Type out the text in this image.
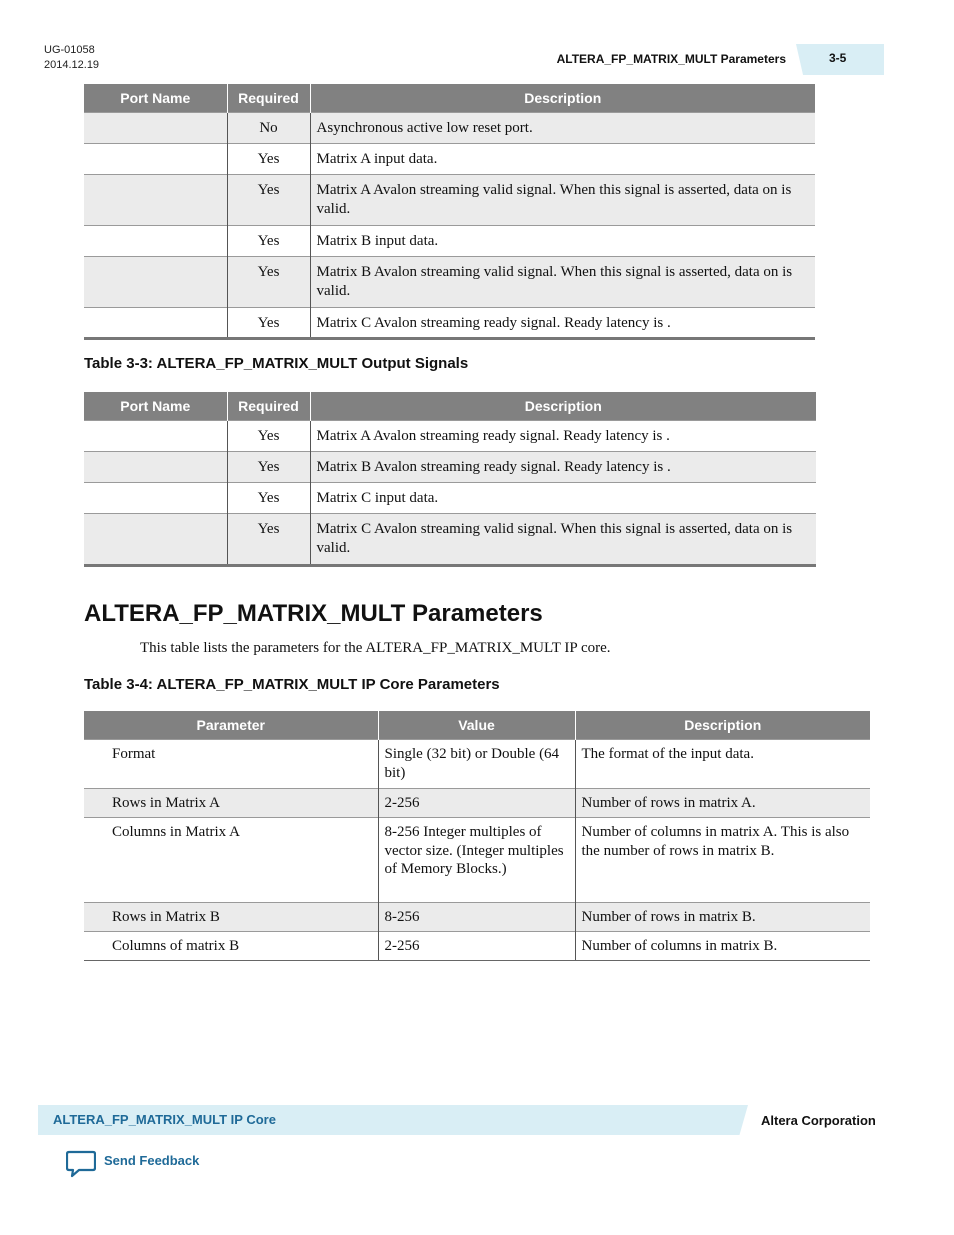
UG-01058
2014.12.19	ALTERA_FP_MATRIX_MULT Parameters	3-5
Port Name	Required	Description
	No	Asynchronous active low reset port.
	Yes	Matrix A input data.
	Yes	Matrix A Avalon streaming valid signal. When this signal is asserted, data on is valid.
	Yes	Matrix B input data.
	Yes	Matrix B Avalon streaming valid signal. When this signal is asserted, data on is valid.
	Yes	Matrix C Avalon streaming ready signal. Ready latency is .
Table 3-3: ALTERA_FP_MATRIX_MULT Output Signals
Port Name	Required	Description
	Yes	Matrix A Avalon streaming ready signal. Ready latency is .
	Yes	Matrix B Avalon streaming ready signal. Ready latency is .
	Yes	Matrix C input data.
	Yes	Matrix C Avalon streaming valid signal. When this signal is asserted, data on is valid.
ALTERA_FP_MATRIX_MULT Parameters
This table lists the parameters for the ALTERA_FP_MATRIX_MULT IP core.
Table 3-4: ALTERA_FP_MATRIX_MULT IP Core Parameters
Parameter	Value	Description
Format	Single (32 bit) or Double (64 bit)	The format of the input data.
Rows in Matrix A	2-256	Number of rows in matrix A.
Columns in Matrix A	8-256 Integer multiples of vector size. (Integer multiples of Memory Blocks.)	Number of columns in matrix A. This is also the number of rows in matrix B.
Rows in Matrix B	8-256	Number of rows in matrix B.
Columns of matrix B	2-256	Number of columns in matrix B.
ALTERA_FP_MATRIX_MULT IP Core	Altera Corporation
Send Feedback
